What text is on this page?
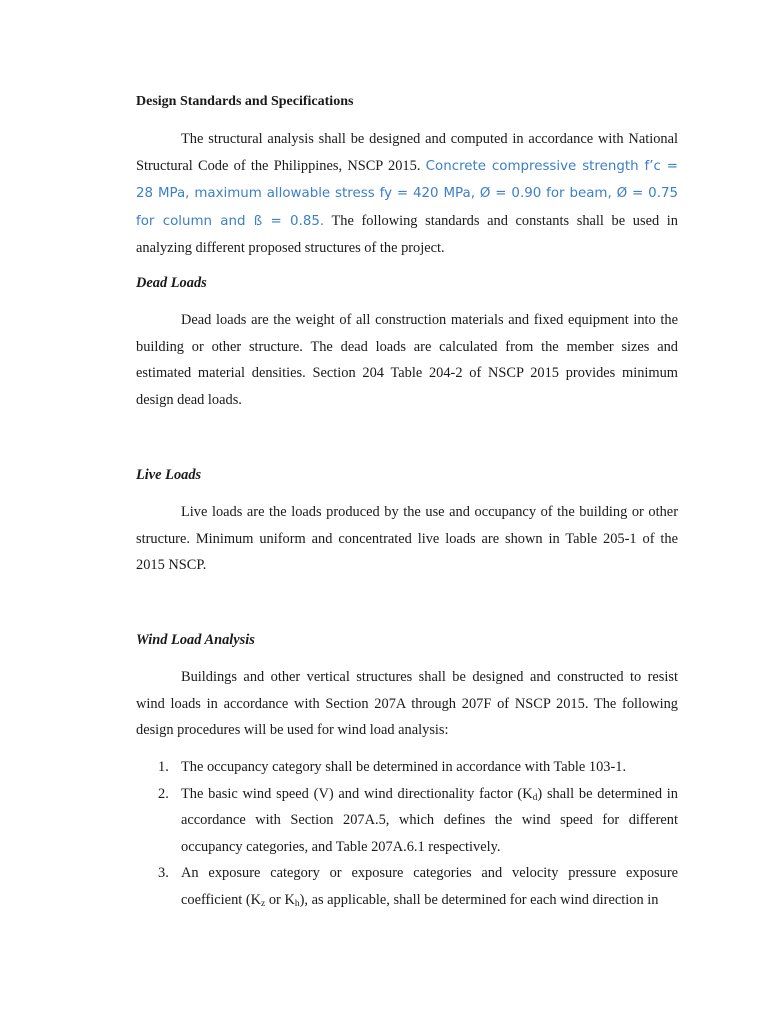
Design Standards and Specifications

The structural analysis shall be designed and computed in accordance with National Structural Code of the Philippines, NSCP 2015. Concrete compressive strength f’c = 28 MPa, maximum allowable stress fy = 420 MPa, Ø = 0.90 for beam, Ø = 0.75 for column and ß = 0.85. The following standards and constants shall be used in analyzing different proposed structures of the project.

Dead Loads

Dead loads are the weight of all construction materials and fixed equipment into the building or other structure. The dead loads are calculated from the member sizes and estimated material densities. Section 204 Table 204-2 of NSCP 2015 provides minimum design dead loads.

Live Loads

Live loads are the loads produced by the use and occupancy of the building or other structure. Minimum uniform and concentrated live loads are shown in Table 205-1 of the 2015 NSCP.

Wind Load Analysis

Buildings and other vertical structures shall be designed and constructed to resist wind loads in accordance with Section 207A through 207F of NSCP 2015. The following design procedures will be used for wind load analysis:

1. The occupancy category shall be determined in accordance with Table 103-1.
2. The basic wind speed (V) and wind directionality factor $(K_d)$ shall be determined in accordance with Section 207A.5, which defines the wind speed for different occupancy categories, and Table 207A.6.1 respectively.
3. An exposure category or exposure categories and velocity pressure exposure coefficient ($K_z$ or $K_h$), as applicable, shall be determined for each wind direction in
